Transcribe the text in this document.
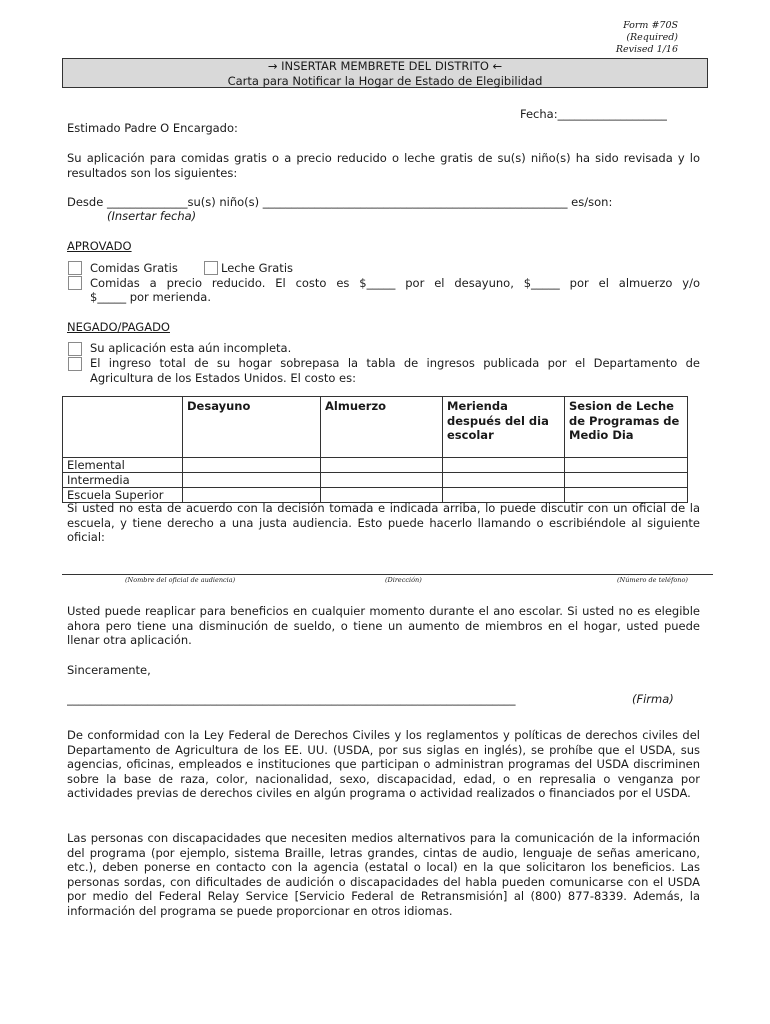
Form #70S
(Required)
Revised 1/16
→ INSERTAR MEMBRETE DEL DISTRITO ←
Carta para Notificar la Hogar de Estado de Elegibilidad
Fecha:___________________
Estimado Padre O Encargado:
Su aplicación para comidas gratis o a precio reducido o leche gratis de su(s) niño(s) ha sido revisada y lo resultados son los siguientes:
Desde ______________su(s) niño(s) _____________________________________________________ es/son:
(Insertar fecha)
APROVADO
Comidas Gratis	Leche Gratis
Comidas a precio reducido. El costo es $_____ por el desayuno, $_____ por el almuerzo y/o
$_____ por merienda.
NEGADO/PAGADO
Su aplicación esta aún incompleta.
El ingreso total de su hogar sobrepasa la tabla de ingresos publicada por el Departamento de
Agricultura de los Estados Unidos. El costo es:
	Desayuno	Almuerzo	Merienda después del dia escolar	Sesion de Leche de Programas de Medio Dia
Elemental				
Intermedia				
Escuela Superior				
Si usted no esta de acuerdo con la decisión tomada e indicada arriba, lo puede discutir con un oficial de la escuela, y tiene derecho a una justa audiencia. Esto puede hacerlo llamando o escribiéndole al siguiente oficial:
(Nombre del oficial de audiencia)	(Dirección)	(Número de teléfono)
Usted puede reaplicar para beneficios en cualquier momento durante el ano escolar. Si usted no es elegible ahora pero tiene una disminución de sueldo, o tiene un aumento de miembros en el hogar, usted puede llenar otra aplicación.
Sinceramente,
______________________________________________________________________________	(Firma)
De conformidad con la Ley Federal de Derechos Civiles y los reglamentos y políticas de derechos civiles del Departamento de Agricultura de los EE. UU. (USDA, por sus siglas en inglés), se prohíbe que el USDA, sus agencias, oficinas, empleados e instituciones que participan o administran programas del USDA discriminen sobre la base de raza, color, nacionalidad, sexo, discapacidad, edad, o en represalia o venganza por actividades previas de derechos civiles en algún programa o actividad realizados o financiados por el USDA.
Las personas con discapacidades que necesiten medios alternativos para la comunicación de la información del programa (por ejemplo, sistema Braille, letras grandes, cintas de audio, lenguaje de señas americano, etc.), deben ponerse en contacto con la agencia (estatal o local) en la que solicitaron los beneficios. Las personas sordas, con dificultades de audición o discapacidades del habla pueden comunicarse con el USDA por medio del Federal Relay Service [Servicio Federal de Retransmisión] al (800) 877-8339. Además, la información del programa se puede proporcionar en otros idiomas.
